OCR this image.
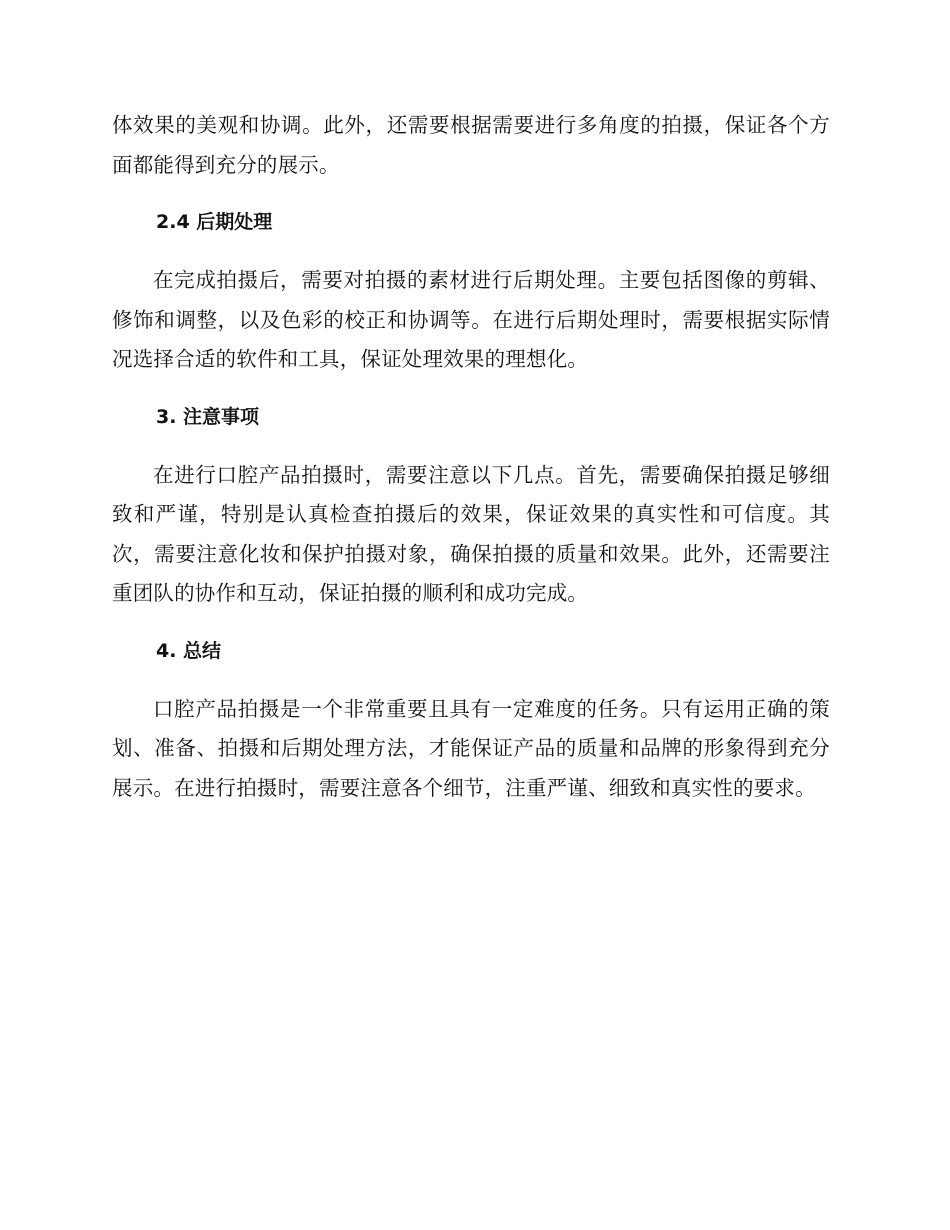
体效果的美观和协调。此外，还需要根据需要进行多角度的拍摄，保证各个方面都能得到充分的展示。

2.4 后期处理

在完成拍摄后，需要对拍摄的素材进行后期处理。主要包括图像的剪辑、修饰和调整，以及色彩的校正和协调等。在进行后期处理时，需要根据实际情况选择合适的软件和工具，保证处理效果的理想化。

3. 注意事项

在进行口腔产品拍摄时，需要注意以下几点。首先，需要确保拍摄足够细致和严谨，特别是认真检查拍摄后的效果，保证效果的真实性和可信度。其次，需要注意化妆和保护拍摄对象，确保拍摄的质量和效果。此外，还需要注重团队的协作和互动，保证拍摄的顺利和成功完成。

4. 总结

口腔产品拍摄是一个非常重要且具有一定难度的任务。只有运用正确的策划、准备、拍摄和后期处理方法，才能保证产品的质量和品牌的形象得到充分展示。在进行拍摄时，需要注意各个细节，注重严谨、细致和真实性的要求。
